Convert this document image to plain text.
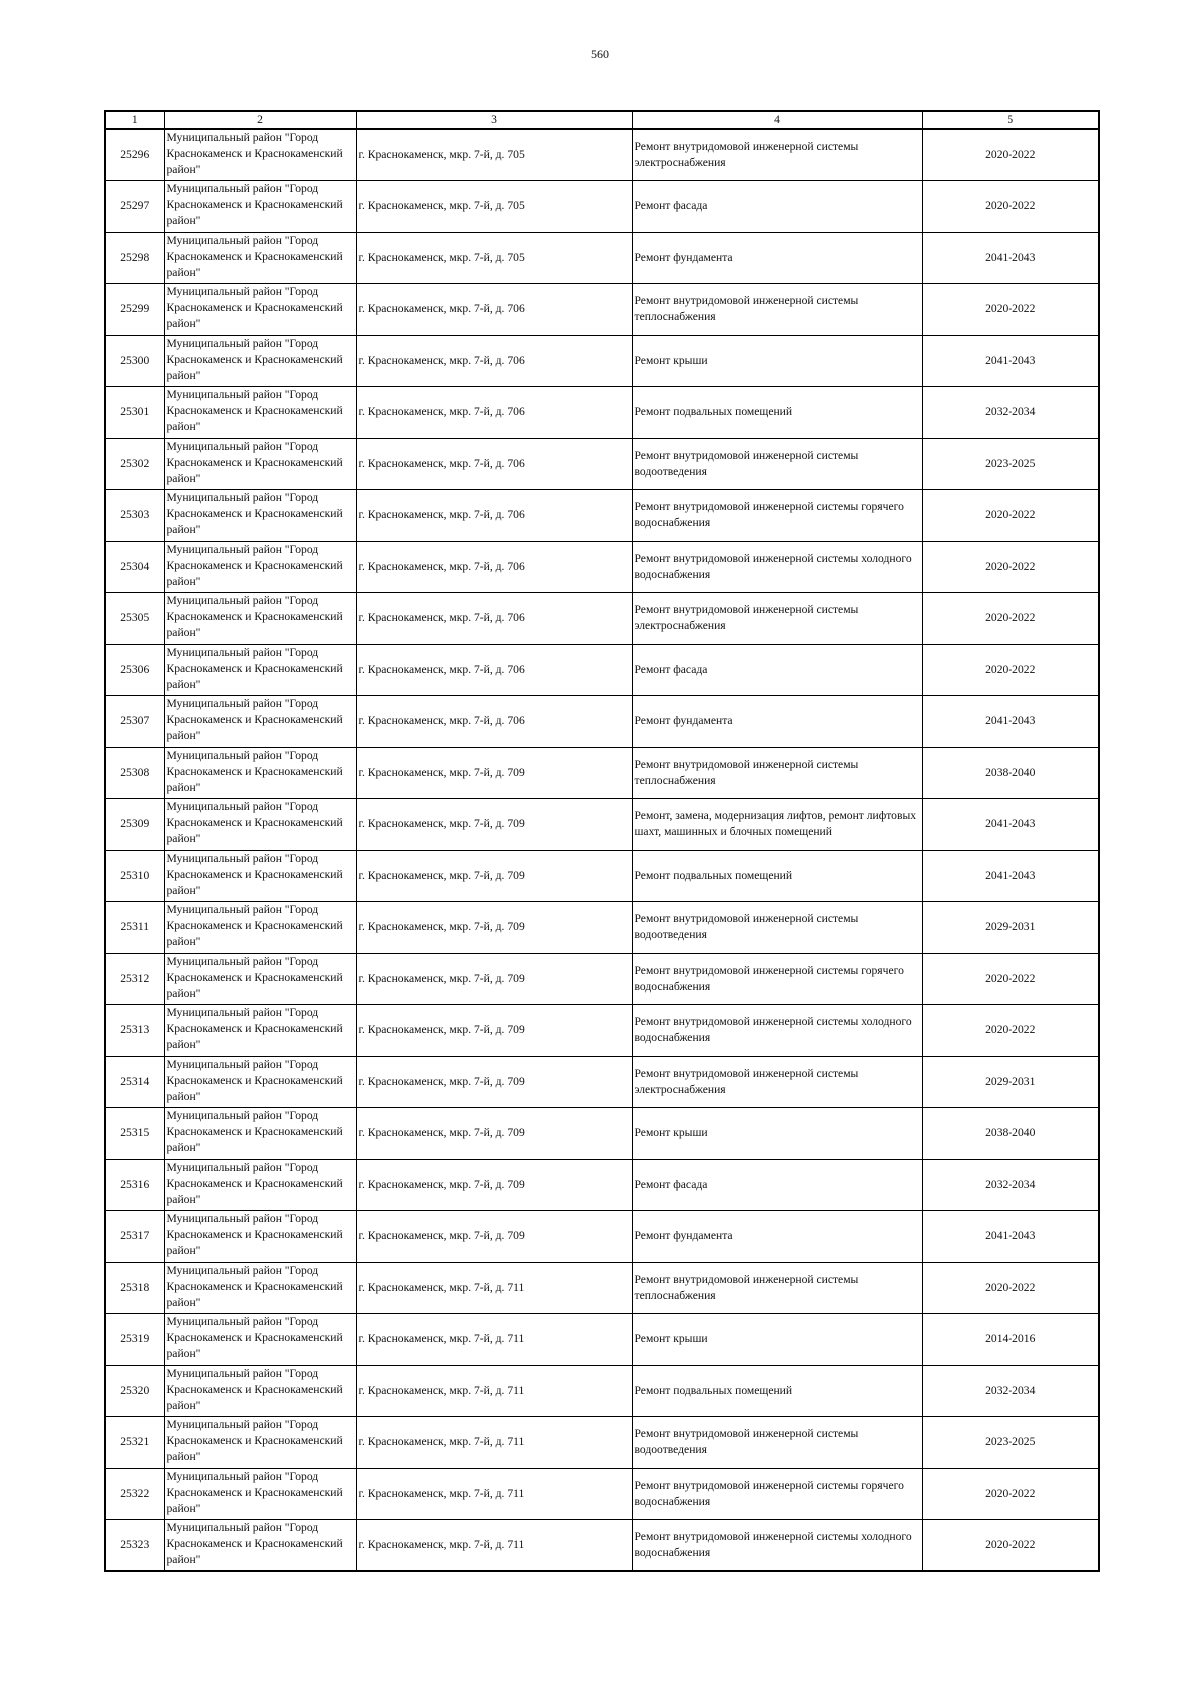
560
1	2	3	4	5
25296	Муниципальный район "Город Краснокаменск и Краснокаменский район"	г. Краснокаменск, мкр. 7-й, д. 705	Ремонт внутридомовой инженерной системы электроснабжения	2020-2022
25297	Муниципальный район "Город Краснокаменск и Краснокаменский район"	г. Краснокаменск, мкр. 7-й, д. 705	Ремонт фасада	2020-2022
25298	Муниципальный район "Город Краснокаменск и Краснокаменский район"	г. Краснокаменск, мкр. 7-й, д. 705	Ремонт фундамента	2041-2043
25299	Муниципальный район "Город Краснокаменск и Краснокаменский район"	г. Краснокаменск, мкр. 7-й, д. 706	Ремонт внутридомовой инженерной системы теплоснабжения	2020-2022
25300	Муниципальный район "Город Краснокаменск и Краснокаменский район"	г. Краснокаменск, мкр. 7-й, д. 706	Ремонт крыши	2041-2043
25301	Муниципальный район "Город Краснокаменск и Краснокаменский район"	г. Краснокаменск, мкр. 7-й, д. 706	Ремонт подвальных помещений	2032-2034
25302	Муниципальный район "Город Краснокаменск и Краснокаменский район"	г. Краснокаменск, мкр. 7-й, д. 706	Ремонт внутридомовой инженерной системы водоотведения	2023-2025
25303	Муниципальный район "Город Краснокаменск и Краснокаменский район"	г. Краснокаменск, мкр. 7-й, д. 706	Ремонт внутридомовой инженерной системы горячего водоснабжения	2020-2022
25304	Муниципальный район "Город Краснокаменск и Краснокаменский район"	г. Краснокаменск, мкр. 7-й, д. 706	Ремонт внутридомовой инженерной системы холодного водоснабжения	2020-2022
25305	Муниципальный район "Город Краснокаменск и Краснокаменский район"	г. Краснокаменск, мкр. 7-й, д. 706	Ремонт внутридомовой инженерной системы электроснабжения	2020-2022
25306	Муниципальный район "Город Краснокаменск и Краснокаменский район"	г. Краснокаменск, мкр. 7-й, д. 706	Ремонт фасада	2020-2022
25307	Муниципальный район "Город Краснокаменск и Краснокаменский район"	г. Краснокаменск, мкр. 7-й, д. 706	Ремонт фундамента	2041-2043
25308	Муниципальный район "Город Краснокаменск и Краснокаменский район"	г. Краснокаменск, мкр. 7-й, д. 709	Ремонт внутридомовой инженерной системы теплоснабжения	2038-2040
25309	Муниципальный район "Город Краснокаменск и Краснокаменский район"	г. Краснокаменск, мкр. 7-й, д. 709	Ремонт, замена, модернизация лифтов, ремонт лифтовых шахт, машинных и блочных помещений	2041-2043
25310	Муниципальный район "Город Краснокаменск и Краснокаменский район"	г. Краснокаменск, мкр. 7-й, д. 709	Ремонт подвальных помещений	2041-2043
25311	Муниципальный район "Город Краснокаменск и Краснокаменский район"	г. Краснокаменск, мкр. 7-й, д. 709	Ремонт внутридомовой инженерной системы водоотведения	2029-2031
25312	Муниципальный район "Город Краснокаменск и Краснокаменский район"	г. Краснокаменск, мкр. 7-й, д. 709	Ремонт внутридомовой инженерной системы горячего водоснабжения	2020-2022
25313	Муниципальный район "Город Краснокаменск и Краснокаменский район"	г. Краснокаменск, мкр. 7-й, д. 709	Ремонт внутридомовой инженерной системы холодного водоснабжения	2020-2022
25314	Муниципальный район "Город Краснокаменск и Краснокаменский район"	г. Краснокаменск, мкр. 7-й, д. 709	Ремонт внутридомовой инженерной системы электроснабжения	2029-2031
25315	Муниципальный район "Город Краснокаменск и Краснокаменский район"	г. Краснокаменск, мкр. 7-й, д. 709	Ремонт крыши	2038-2040
25316	Муниципальный район "Город Краснокаменск и Краснокаменский район"	г. Краснокаменск, мкр. 7-й, д. 709	Ремонт фасада	2032-2034
25317	Муниципальный район "Город Краснокаменск и Краснокаменский район"	г. Краснокаменск, мкр. 7-й, д. 709	Ремонт фундамента	2041-2043
25318	Муниципальный район "Город Краснокаменск и Краснокаменский район"	г. Краснокаменск, мкр. 7-й, д. 711	Ремонт внутридомовой инженерной системы теплоснабжения	2020-2022
25319	Муниципальный район "Город Краснокаменск и Краснокаменский район"	г. Краснокаменск, мкр. 7-й, д. 711	Ремонт крыши	2014-2016
25320	Муниципальный район "Город Краснокаменск и Краснокаменский район"	г. Краснокаменск, мкр. 7-й, д. 711	Ремонт подвальных помещений	2032-2034
25321	Муниципальный район "Город Краснокаменск и Краснокаменский район"	г. Краснокаменск, мкр. 7-й, д. 711	Ремонт внутридомовой инженерной системы водоотведения	2023-2025
25322	Муниципальный район "Город Краснокаменск и Краснокаменский район"	г. Краснокаменск, мкр. 7-й, д. 711	Ремонт внутридомовой инженерной системы горячего водоснабжения	2020-2022
25323	Муниципальный район "Город Краснокаменск и Краснокаменский район"	г. Краснокаменск, мкр. 7-й, д. 711	Ремонт внутридомовой инженерной системы холодного водоснабжения	2020-2022
